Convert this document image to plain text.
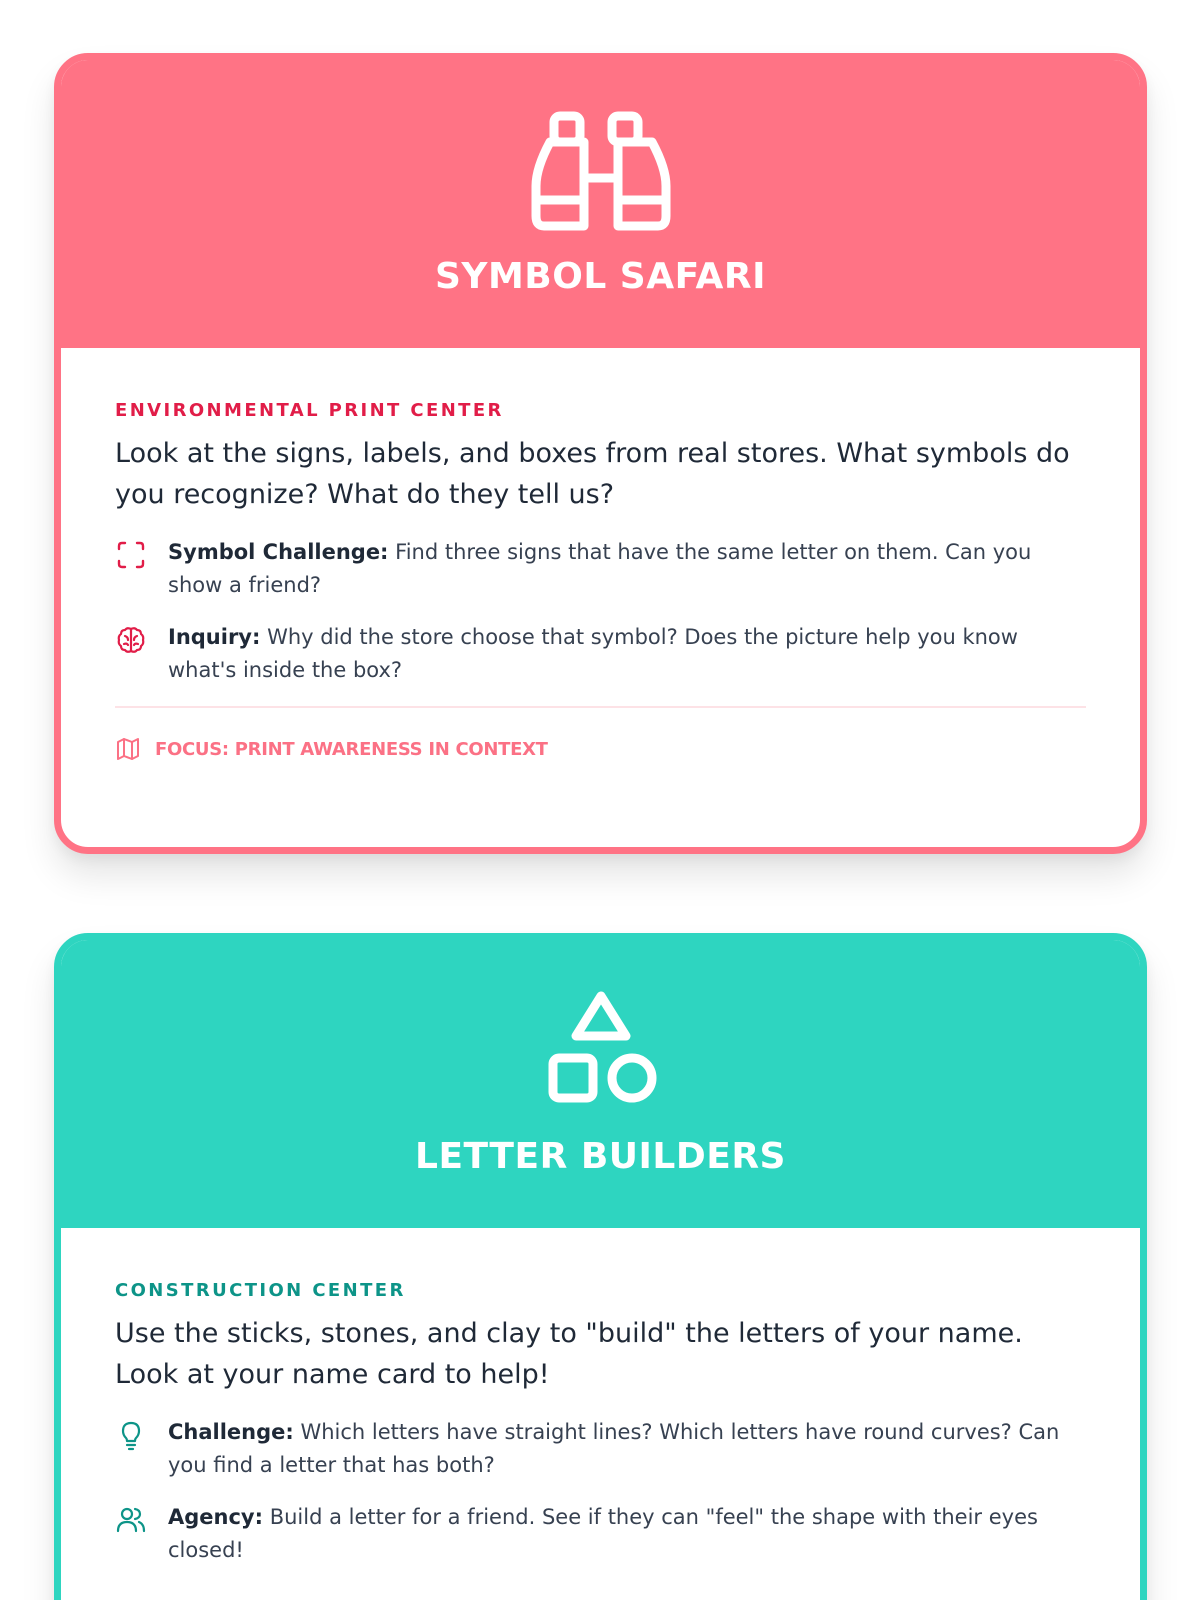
SYMBOL SAFARI
ENVIRONMENTAL PRINT CENTER
Look at the signs, labels, and boxes from real stores. What symbols do you recognize? What do they tell us?
Symbol Challenge: Find three signs that have the same letter on them. Can you show a friend?
Inquiry: Why did the store choose that symbol? Does the picture help you know what's inside the box?
FOCUS: PRINT AWARENESS IN CONTEXT
LETTER BUILDERS
CONSTRUCTION CENTER
Use the sticks, stones, and clay to "build" the letters of your name. Look at your name card to help!
Challenge: Which letters have straight lines? Which letters have round curves? Can you find a letter that has both?
Agency: Build a letter for a friend. See if they can "feel" the shape with their eyes closed!
